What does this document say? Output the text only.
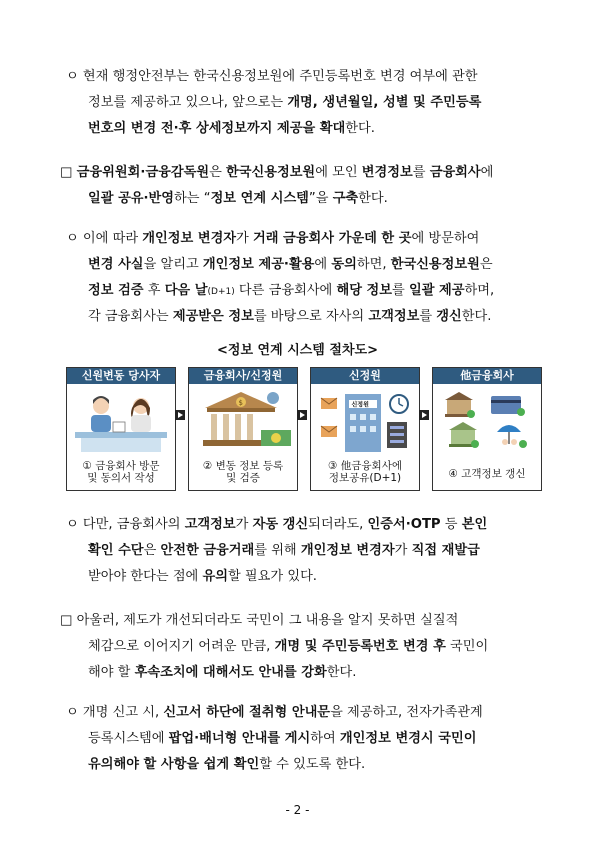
ㅇ 현재 행정안전부는 한국신용정보원에 주민등록번호 변경 여부에 관한
정보를 제공하고 있으나, 앞으로는 개명, 생년월일, 성별 및 주민등록
번호의 변경 전·후 상세정보까지 제공을 확대한다.
□ 금융위원회·금융감독원은 한국신용정보원에 모인 변경정보를 금융회사에
일괄 공유·반영하는 “정보 연계 시스템”을 구축한다.
ㅇ 이에 따라 개인정보 변경자가 거래 금융회사 가운데 한 곳에 방문하여
변경 사실을 알리고 개인정보 제공·활용에 동의하면, 한국신용정보원은
정보 검증 후 다음 날(D+1) 다른 금융회사에 해당 정보를 일괄 제공하며,
각 금융회사는 제공받은 정보를 바탕으로 자사의 고객정보를 갱신한다.
<정보 연계 시스템 절차도>
신원변동 당사자
① 금융회사 방문
및 동의서 작성
금융회사/신정원
$
② 변동 정보 등록
및 검증
신정원
신정원
③ 他금융회사에
정보공유(D+1)
他금융회사
④ 고객정보 갱신
ㅇ 다만, 금융회사의 고객정보가 자동 갱신되더라도, 인증서·OTP 등 본인
확인 수단은 안전한 금융거래를 위해 개인정보 변경자가 직접 재발급
받아야 한다는 점에 유의할 필요가 있다.
□ 아울러, 제도가 개선되더라도 국민이 그 내용을 알지 못하면 실질적
체감으로 이어지기 어려운 만큼, 개명 및 주민등록번호 변경 후 국민이
해야 할 후속조치에 대해서도 안내를 강화한다.
ㅇ 개명 신고 시, 신고서 하단에 절취형 안내문을 제공하고, 전자가족관계
등록시스템에 팝업·배너형 안내를 게시하여 개인정보 변경시 국민이
유의해야 할 사항을 쉽게 확인할 수 있도록 한다.
- 2 -
